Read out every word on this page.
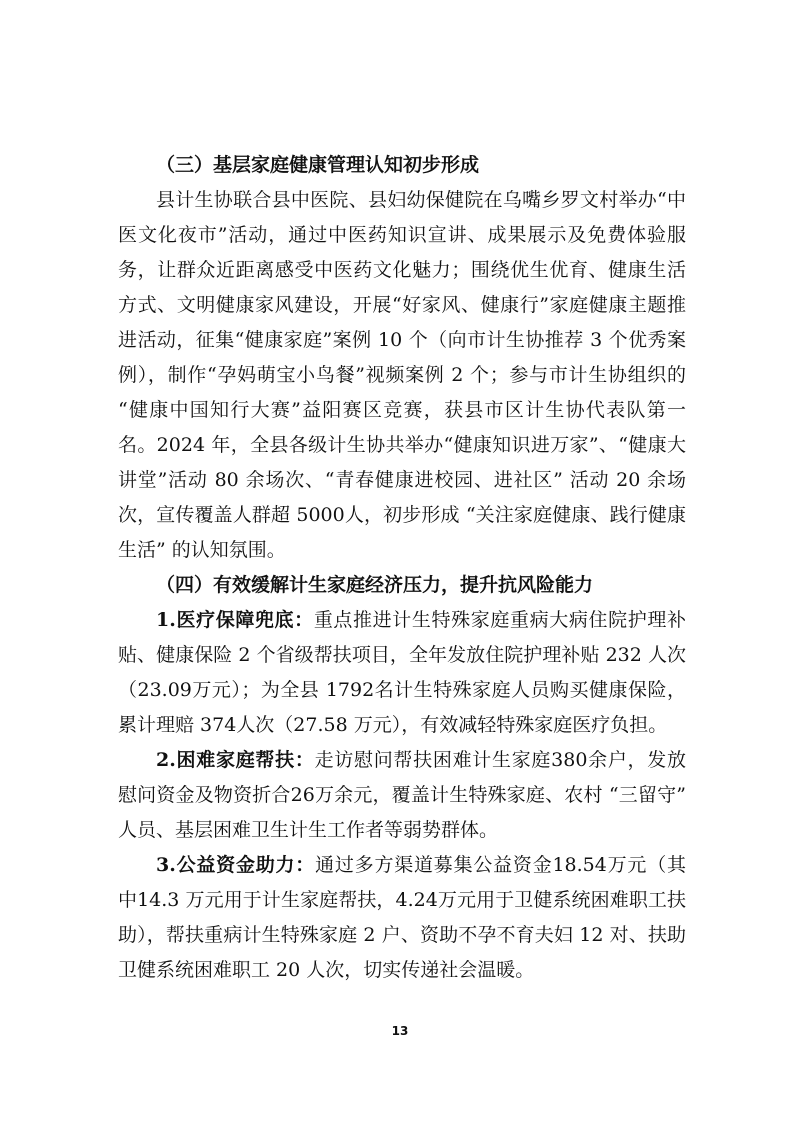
（三）基层家庭健康管理认知初步形成

县计生协联合县中医院、县妇幼保健院在乌嘴乡罗文村举办“中医文化夜市”活动，通过中医药知识宣讲、成果展示及免费体验服务，让群众近距离感受中医药文化魅力；围绕优生优育、健康生活方式、文明健康家风建设，开展“好家风、健康行”家庭健康主题推进活动，征集“健康家庭”案例 10 个（向市计生协推荐 3 个优秀案例），制作“孕妈萌宝小鸟餐”视频案例 2 个；参与市计生协组织的 “健康中国知行大赛”益阳赛区竞赛，获县市区计生协代表队第一名。2024 年，全县各级计生协共举办“健康知识进万家”、“健康大讲堂”活动 80 余场次、“青春健康进校园、进社区” 活动 20 余场次，宣传覆盖人群超 5000人，初步形成 “关注家庭健康、践行健康生活” 的认知氛围。

（四）有效缓解计生家庭经济压力，提升抗风险能力

1.医疗保障兜底：重点推进计生特殊家庭重病大病住院护理补贴、健康保险 2 个省级帮扶项目，全年发放住院护理补贴 232 人次（23.09万元）；为全县 1792名计生特殊家庭人员购买健康保险，累计理赔 374人次（27.58 万元），有效减轻特殊家庭医疗负担。

2.困难家庭帮扶：走访慰问帮扶困难计生家庭380余户，发放慰问资金及物资折合26万余元，覆盖计生特殊家庭、农村 “三留守” 人员、基层困难卫生计生工作者等弱势群体。

3.公益资金助力：通过多方渠道募集公益资金18.54万元（其中14.3 万元用于计生家庭帮扶，4.24万元用于卫健系统困难职工扶助），帮扶重病计生特殊家庭 2 户、资助不孕不育夫妇 12 对、扶助卫健系统困难职工 20 人次，切实传递社会温暖。

13
